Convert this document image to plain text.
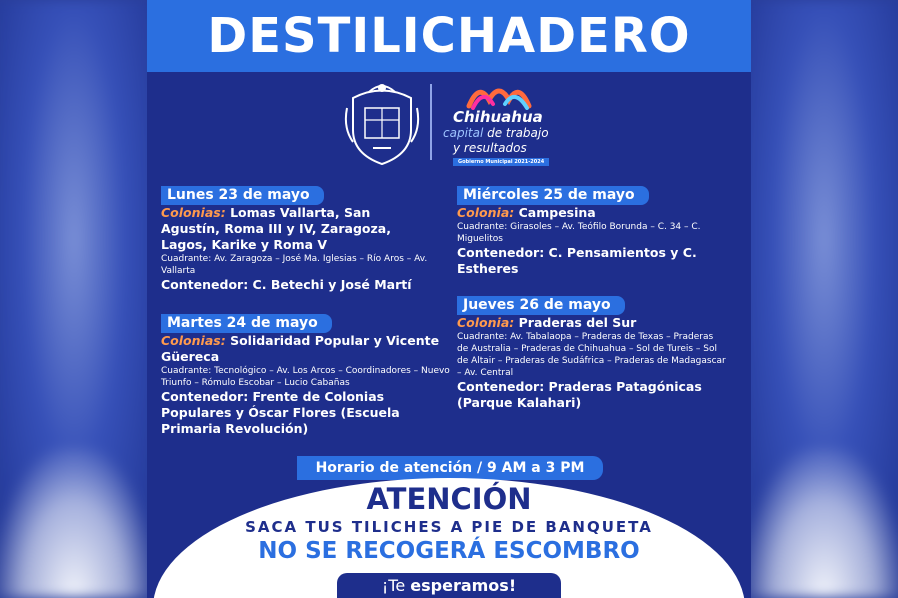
DESTILICHADERO
Chihuahua
capital de trabajo
y resultados
Gobierno Municipal 2021-2024
Lunes 23 de mayo
Colonias: Lomas Vallarta, San Agustín, Roma III y IV, Zaragoza, Lagos, Karike y Roma V
Cuadrante: Av. Zaragoza – José Ma. Iglesias – Río Aros – Av. Vallarta
Contenedor: C. Betechi y José Martí
Martes 24 de mayo
Colonias: Solidaridad Popular y Vicente Güereca
Cuadrante: Tecnológico – Av. Los Arcos – Coordinadores – Nuevo Triunfo – Rómulo Escobar – Lucio Cabañas
Contenedor: Frente de Colonias Populares y Óscar Flores (Escuela Primaria Revolución)
Miércoles 25 de mayo
Colonia: Campesina
Cuadrante: Girasoles – Av. Teófilo Borunda – C. 34 – C. Miguelitos
Contenedor: C. Pensamientos y C. Estheres
Jueves 26 de mayo
Colonia: Praderas del Sur
Cuadrante: Av. Tabalaopa – Praderas de Texas – Praderas de Australia – Praderas de Chihuahua – Sol de Tureis – Sol de Altair – Praderas de Sudáfrica – Praderas de Madagascar – Av. Central
Contenedor: Praderas Patagónicas (Parque Kalahari)
Horario de atención / 9 AM a 3 PM
ATENCIÓN
SACA TUS TILICHES A PIE DE BANQUETA
NO SE RECOGERÁ ESCOMBRO
¡Te esperamos!
